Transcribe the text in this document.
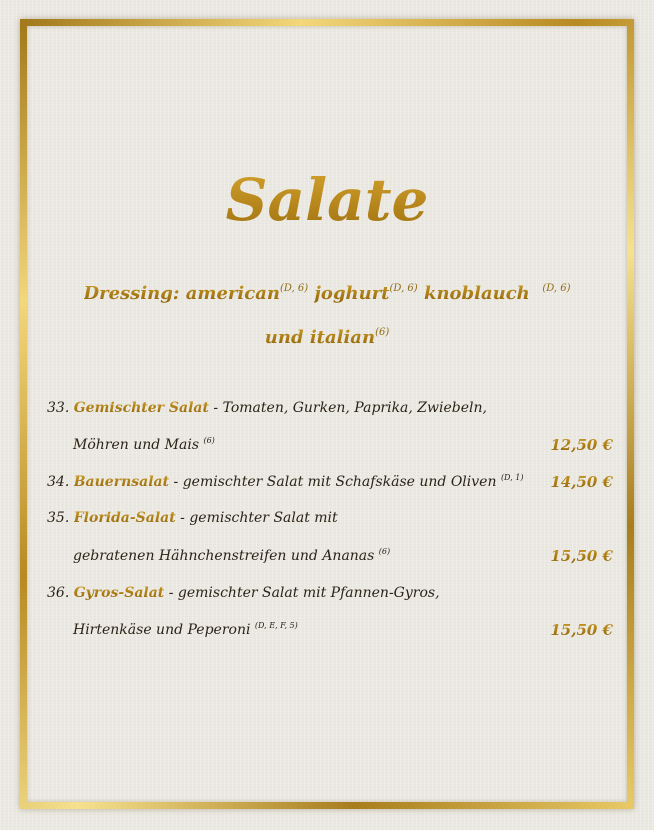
Salate
Dressing: american$^{(D, 6)}$ joghurt$^{(D, 6)}$ knoblauch $^{(D, 6)}$
und italian$^{(6)}$
33. Gemischter Salat - Tomaten, Gurken, Paprika, Zwiebeln,
Möhren und Mais $^{(6)}$	12,50 €
34. Bauernsalat - gemischter Salat mit Schafskäse und Oliven $^{(D, 1)}$ 14,50 €
35. Florida-Salat - gemischter Salat mit
gebratenen Hähnchenstreifen und Ananas $^{(6)}$	15,50 €
36. Gyros-Salat - gemischter Salat mit Pfannen-Gyros,
Hirtenkäse und Peperoni $^{(D, E, F, 5)}$	15,50 €
